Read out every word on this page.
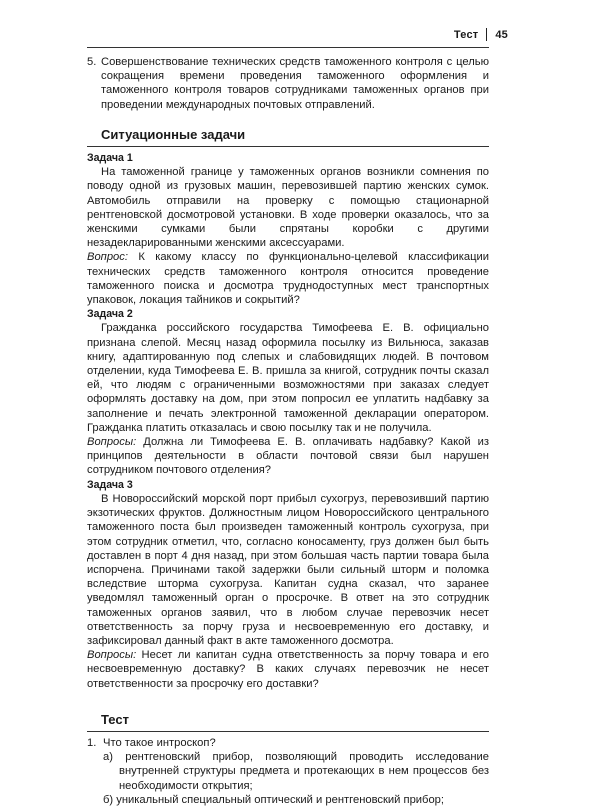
Тест 45
5. Совершенствование технических средств таможенного контроля с целью сокращения времени проведения таможенного оформления и таможенного контроля товаров сотрудниками таможенных органов при проведении международных почтовых отправлений.
Ситуационные задачи
Задача 1
На таможенной границе у таможенных органов возникли сомнения по поводу одной из грузовых машин, перевозившей партию женских сумок. Автомобиль отправили на проверку с помощью стационарной рентгеновской досмотровой установки. В ходе проверки оказалось, что за женскими сумками были спрятаны коробки с другими незадекларированными женскими аксессуарами.
Вопрос: К какому классу по функционально-целевой классификации технических средств таможенного контроля относится проведение таможенного поиска и досмотра труднодоступных мест транспортных упаковок, локация тайников и сокрытий?
Задача 2
Гражданка российского государства Тимофеева Е. В. официально признана слепой. Месяц назад оформила посылку из Вильнюса, заказав книгу, адаптированную под слепых и слабовидящих людей. В почтовом отделении, куда Тимофеева Е. В. пришла за книгой, сотрудник почты сказал ей, что людям с ограниченными возможностями при заказах следует оформлять доставку на дом, при этом попросил ее уплатить надбавку за заполнение и печать электронной таможенной декларации оператором. Гражданка платить отказалась и свою посылку так и не получила.
Вопросы: Должна ли Тимофеева Е. В. оплачивать надбавку? Какой из принципов деятельности в области почтовой связи был нарушен сотрудником почтового отделения?
Задача 3
В Новороссийский морской порт прибыл сухогруз, перевозивший партию экзотических фруктов. Должностным лицом Новороссийского центрального таможенного поста был произведен таможенный контроль сухогруза, при этом сотрудник отметил, что, согласно коносаменту, груз должен был быть доставлен в порт 4 дня назад, при этом большая часть партии товара была испорчена. Причинами такой задержки были сильный шторм и поломка вследствие шторма сухогруза. Капитан судна сказал, что заранее уведомлял таможенный орган о просрочке. В ответ на это сотрудник таможенных органов заявил, что в любом случае перевозчик несет ответственность за порчу груза и несвоевременную его доставку, и зафиксировал данный факт в акте таможенного досмотра.
Вопросы: Несет ли капитан судна ответственность за порчу товара и его несвоевременную доставку? В каких случаях перевозчик не несет ответственности за просрочку его доставки?
Тест
1. Что такое интроскоп?
а) рентгеновский прибор, позволяющий проводить исследование внутренней структуры предмета и протекающих в нем процессов без необходимости открытия;
б) уникальный специальный оптический и рентгеновский прибор;
